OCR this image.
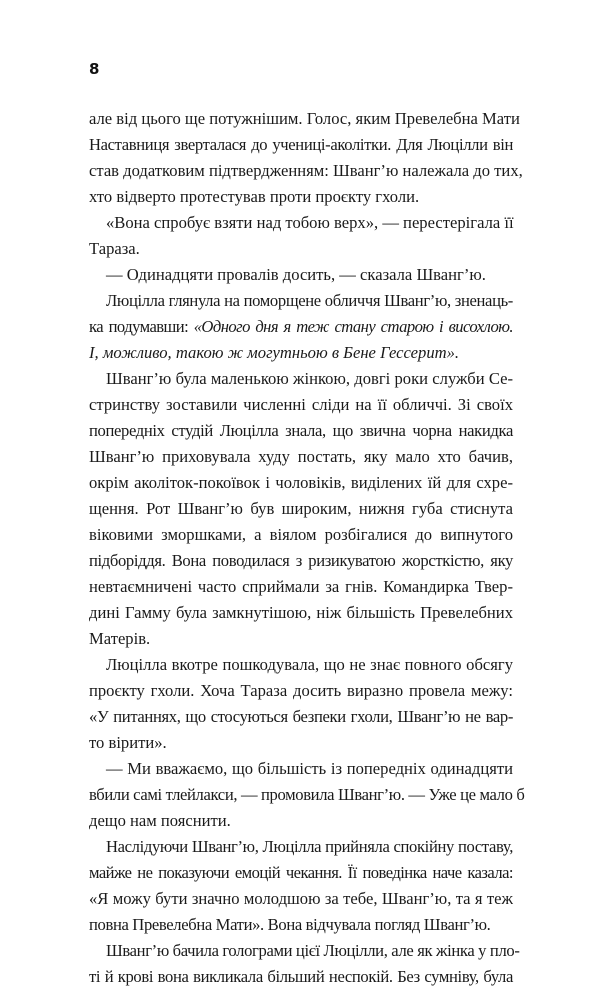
8
але від цього ще потужнішим. Голос, яким Превелебна Мати
Наставниця зверталася до учениці-аколітки. Для Люцілли він
став додатковим підтвердженням: Шванг’ю належала до тих,
хто відверто протестував проти проєкту гхоли.
«Вона спробує взяти над тобою верх», — перестерігала її
Тараза.
— Одинадцяти провалів досить, — сказала Шванг’ю.
Люцілла глянула на поморщене обличчя Шванг’ю, зненаць-
ка подумавши: «Одного дня я теж стану старою і висохлою.
І, можливо, такою ж могутньою в Бене Гессерит».
Шванг’ю була маленькою жінкою, довгі роки служби Се-
стринству зоставили численні сліди на її обличчі. Зі своїх
попередніх студій Люцілла знала, що звична чорна накидка
Шванг’ю приховувала худу постать, яку мало хто бачив,
окрім аколіток-покоївок і чоловіків, виділених їй для схре-
щення. Рот Шванг’ю був широким, нижня губа стиснута
віковими зморшками, а віялом розбігалися до випнутого
підборіддя. Вона поводилася з ризикуватою жорсткістю, яку
невтаємничені часто сприймали за гнів. Командирка Твер-
дині Гамму була замкнутішою, ніж більшість Превелебних
Матерів.
Люцілла вкотре пошкодувала, що не знає повного обсягу
проєкту гхоли. Хоча Тараза досить виразно провела межу:
«У питаннях, що стосуються безпеки гхоли, Шванг’ю не вар-
то вірити».
— Ми вважаємо, що більшість із попередніх одинадцяти
вбили самі тлейлакси, — промовила Шванг’ю. — Уже це мало б
дещо нам пояснити.
Наслідуючи Шванг’ю, Люцілла прийняла спокійну поставу,
майже не показуючи емоцій чекання. Її поведінка наче казала:
«Я можу бути значно молодшою за тебе, Шванг’ю, та я теж
повна Превелебна Мати». Вона відчувала погляд Шванг’ю.
Шванг’ю бачила голограми цієї Люцілли, але як жінка у пло-
ті й крові вона викликала більший неспокій. Без сумніву, була
